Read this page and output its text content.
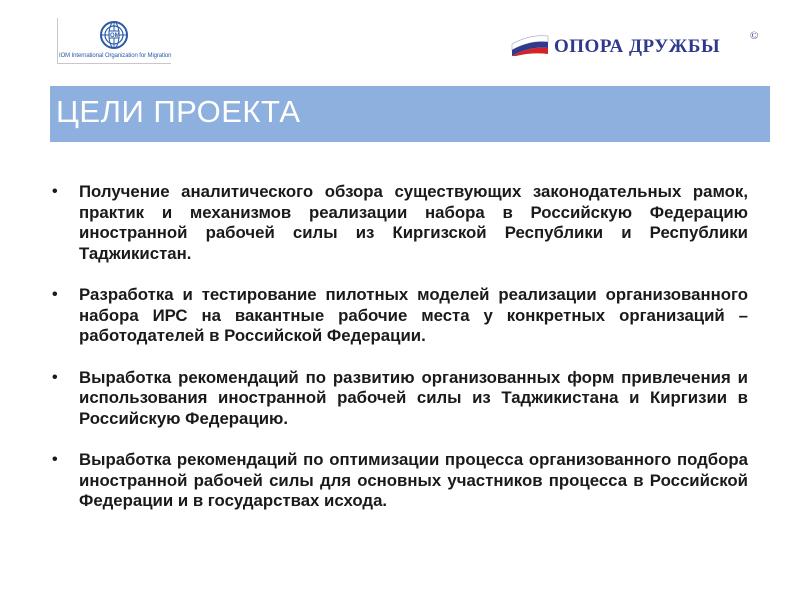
IOM
IOM International Organization for Migration	ОПОРА ДРУЖБЫ	©
ЦЕЛИ ПРОЕКТА
• Получение аналитического обзора существующих законодательных рамок, практик и механизмов реализации набора в Российскую Федерацию иностранной рабочей силы из Киргизской Республики и Республики Таджикистан.
• Разработка и тестирование пилотных моделей реализации организованного набора ИРС на вакантные рабочие места у конкретных организаций – работодателей в Российской Федерации.
• Выработка рекомендаций по развитию организованных форм привлечения и использования иностранной рабочей силы из Таджикистана и Киргизии в Российскую Федерацию.
• Выработка рекомендаций по оптимизации процесса организованного подбора иностранной рабочей силы для основных участников процесса в Российской Федерации и в государствах исхода.
